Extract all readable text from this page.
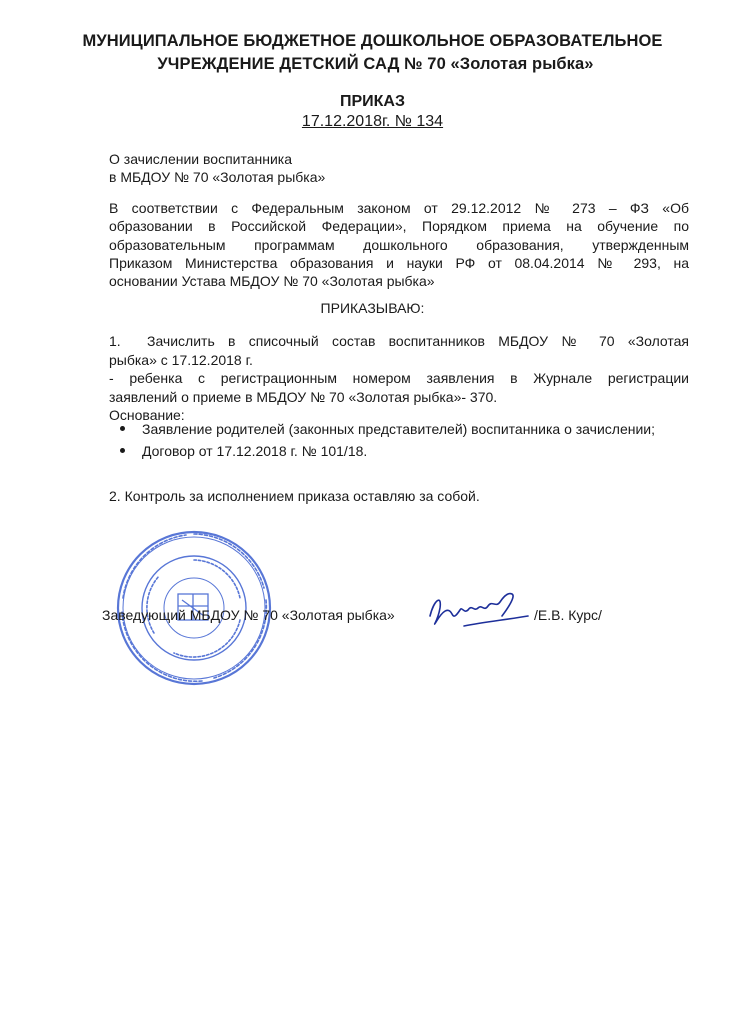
МУНИЦИПАЛЬНОЕ БЮДЖЕТНОЕ ДОШКОЛЬНОЕ ОБРАЗОВАТЕЛЬНОЕ
УЧРЕЖДЕНИЕ ДЕТСКИЙ САД № 70 «Золотая рыбка»
ПРИКАЗ
17.12.2018г. № 134
О зачислении воспитанника
в МБДОУ № 70 «Золотая рыбка»
В соответствии с Федеральным законом от 29.12.2012 № 273 – ФЗ «Об
образовании в Российской Федерации», Порядком приема на обучение по
образовательным программам дошкольного образования, утвержденным
Приказом Министерства образования и науки РФ от 08.04.2014 № 293, на
основании Устава МБДОУ № 70 «Золотая рыбка»
ПРИКАЗЫВАЮ:
1. Зачислить в списочный состав воспитанников МБДОУ № 70 «Золотая
рыбка» с 17.12.2018 г.
- ребенка с регистрационным номером заявления в Журнале регистрации
заявлений о приеме в МБДОУ № 70 «Золотая рыбка»- 370.
Основание:
Заявление родителей (законных представителей) воспитанника о зачислении;
Договор от 17.12.2018 г. № 101/18.
2. Контроль за исполнением приказа оставляю за собой.
Заведующий МБДОУ № 70 «Золотая рыбка»	/Е.В. Курс/
